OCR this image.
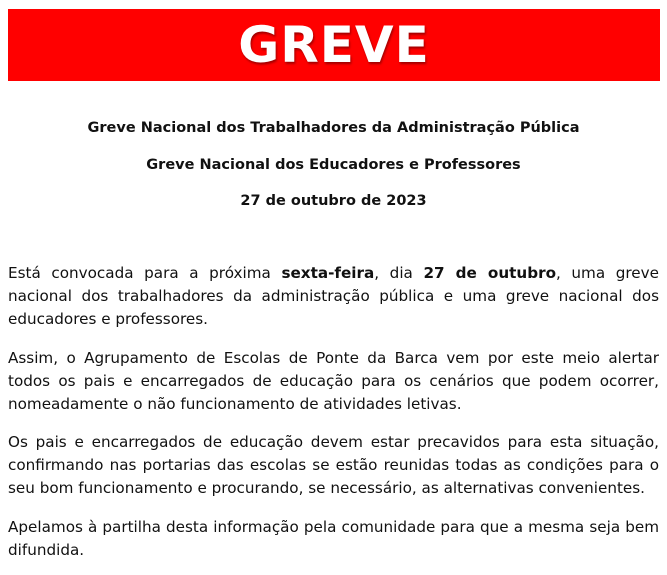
GREVE
Greve Nacional dos Trabalhadores da Administração Pública
Greve Nacional dos Educadores e Professores
27 de outubro de 2023

Está convocada para a próxima sexta-feira, dia 27 de outubro, uma greve nacional dos trabalhadores da administração pública e uma greve nacional dos educadores e professores.

Assim, o Agrupamento de Escolas de Ponte da Barca vem por este meio alertar todos os pais e encarregados de educação para os cenários que podem ocorrer, nomeadamente o não funcionamento de atividades letivas.

Os pais e encarregados de educação devem estar precavidos para esta situação, confirmando nas portarias das escolas se estão reunidas todas as condições para o seu bom funcionamento e procurando, se necessário, as alternativas convenientes.

Apelamos à partilha desta informação pela comunidade para que a mesma seja bem difundida.
